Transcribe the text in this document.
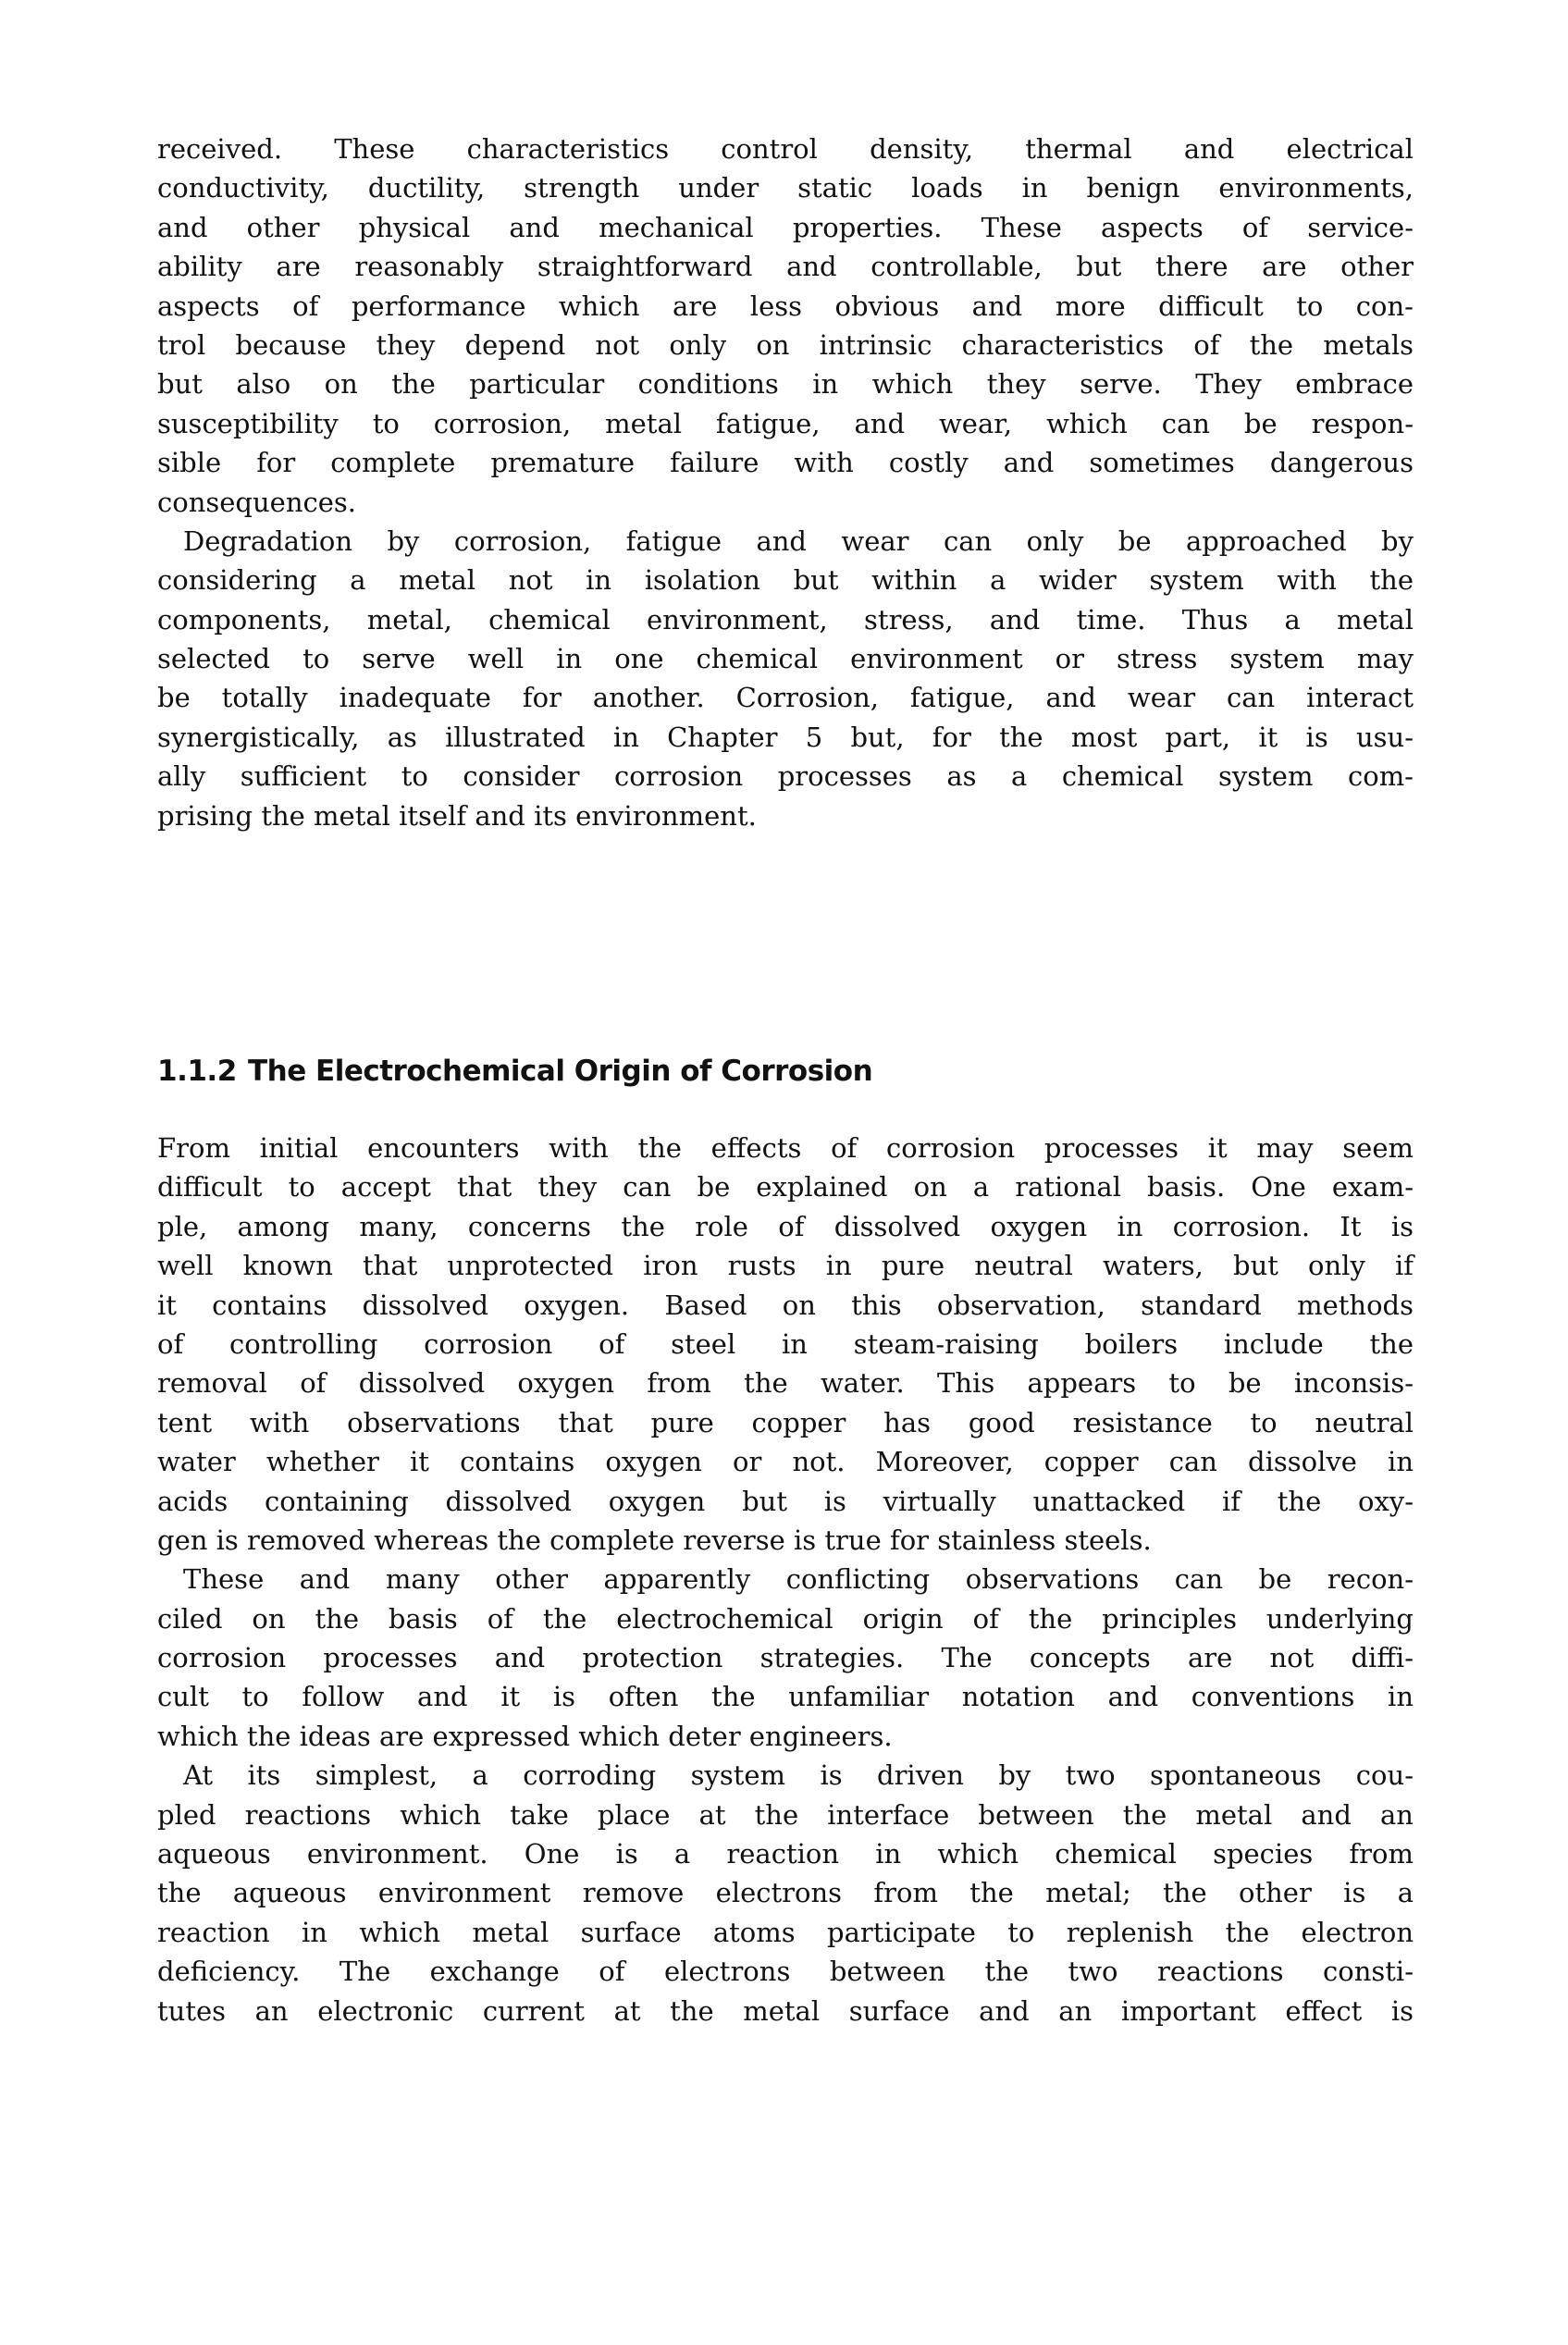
received. These characteristics control density, thermal and electrical
conductivity, ductility, strength under static loads in benign environments,
and other physical and mechanical properties. These aspects of service-
ability are reasonably straightforward and controllable, but there are other
aspects of performance which are less obvious and more difficult to con-
trol because they depend not only on intrinsic characteristics of the metals
but also on the particular conditions in which they serve. They embrace
susceptibility to corrosion, metal fatigue, and wear, which can be respon-
sible for complete premature failure with costly and sometimes dangerous
consequences.
Degradation by corrosion, fatigue and wear can only be approached by
considering a metal not in isolation but within a wider system with the
components, metal, chemical environment, stress, and time. Thus a metal
selected to serve well in one chemical environment or stress system may
be totally inadequate for another. Corrosion, fatigue, and wear can interact
synergistically, as illustrated in Chapter 5 but, for the most part, it is usu-
ally sufficient to consider corrosion processes as a chemical system com-
prising the metal itself and its environment.
1.1.2 The Electrochemical Origin of Corrosion
From initial encounters with the effects of corrosion processes it may seem
difficult to accept that they can be explained on a rational basis. One exam-
ple, among many, concerns the role of dissolved oxygen in corrosion. It is
well known that unprotected iron rusts in pure neutral waters, but only if
it contains dissolved oxygen. Based on this observation, standard methods
of controlling corrosion of steel in steam-raising boilers include the
removal of dissolved oxygen from the water. This appears to be inconsis-
tent with observations that pure copper has good resistance to neutral
water whether it contains oxygen or not. Moreover, copper can dissolve in
acids containing dissolved oxygen but is virtually unattacked if the oxy-
gen is removed whereas the complete reverse is true for stainless steels.
These and many other apparently conflicting observations can be recon-
ciled on the basis of the electrochemical origin of the principles underlying
corrosion processes and protection strategies. The concepts are not diffi-
cult to follow and it is often the unfamiliar notation and conventions in
which the ideas are expressed which deter engineers.
At its simplest, a corroding system is driven by two spontaneous cou-
pled reactions which take place at the interface between the metal and an
aqueous environment. One is a reaction in which chemical species from
the aqueous environment remove electrons from the metal; the other is a
reaction in which metal surface atoms participate to replenish the electron
deficiency. The exchange of electrons between the two reactions consti-
tutes an electronic current at the metal surface and an important effect is
